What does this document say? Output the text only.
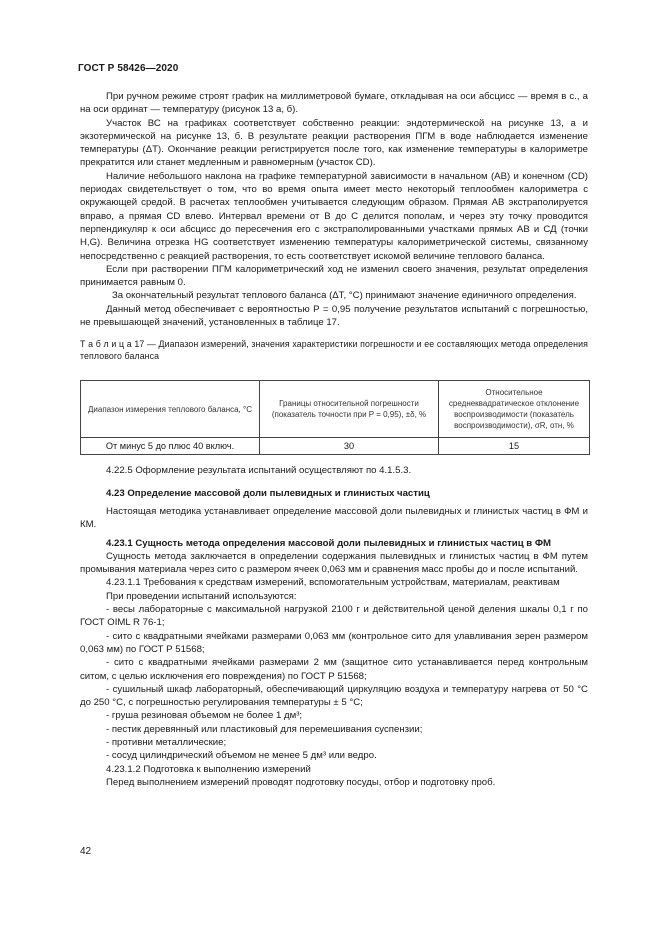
ГОСТ Р 58426—2020

При ручном режиме строят график на миллиметровой бумаге, откладывая на оси абсцисс — время в с., а на оси ординат — температуру (рисунок 13 а, б).

Участок ВС на графиках соответствует собственно реакции: эндотермической на рисунке 13, а и экзотермической на рисунке 13, б. В результате реакции растворения ПГМ в воде наблюдается изменение температуры (ΔT). Окончание реакции регистрируется после того, как изменение температуры в калориметре прекратится или станет медленным и равномерным (участок CD).

Наличие небольшого наклона на графике температурной зависимости в начальном (AB) и конечном (CD) периодах свидетельствует о том, что во время опыта имеет место некоторый теплообмен калориметра с окружающей средой. В расчетах теплообмен учитывается следующим образом. Прямая AB экстраполируется вправо, а прямая CD влево. Интервал времени от B до C делится пополам, и через эту точку проводится перпендикуляр к оси абсцисс до пересечения его с экстраполированными участками прямых АВ и СД (точки H,G). Величина отрезка HG соответствует изменению температуры калориметрической системы, связанному непосредственно с реакцией растворения, то есть соответствует искомой величине теплового баланса.

Если при растворении ПГМ калориметрический ход не изменил своего значения, результат определения принимается равным 0.

За окончательный результат теплового баланса (ΔT, °C) принимают значение единичного определения.

Данный метод обеспечивает с вероятностью P = 0,95 получение результатов испытаний с погрешностью, не превышающей значений, установленных в таблице 17.

Т а б л и ц а 17 — Диапазон измерений, значения характеристики погрешности и ее составляющих метода определения теплового баланса

Диапазон измерения теплового баланса, °C	Границы относительной погрешности (показатель точности при P = 0,95), ±δ, %	Относительное среднеквадратическое отклонение воспроизводимости (показатель воспроизводимости), σR, отн, %
От минус 5 до плюс 40 включ.	30	15

4.22.5 Оформление результата испытаний осуществляют по 4.1.5.3.

4.23 Определение массовой доли пылевидных и глинистых частиц

Настоящая методика устанавливает определение массовой доли пылевидных и глинистых частиц в ФМ и КМ.

4.23.1 Сущность метода определения массовой доли пылевидных и глинистых частиц в ФМ

Сущность метода заключается в определении содержания пылевидных и глинистых частиц в ФМ путем промывания материала через сито с размером ячеек 0,063 мм и сравнения масс пробы до и после испытаний.

4.23.1.1 Требования к средствам измерений, вспомогательным устройствам, материалам, реактивам

При проведении испытаний используются:

- весы лабораторные с максимальной нагрузкой 2100 г и действительной ценой деления шкалы 0,1 г по ГОСТ OIML R 76-1;

- сито с квадратными ячейками размерами 0,063 мм (контрольное сито для улавливания зерен размером 0,063 мм) по ГОСТ Р 51568;

- сито с квадратными ячейками размерами 2 мм (защитное сито устанавливается перед контрольным ситом, с целью исключения его повреждения) по ГОСТ Р 51568;

- сушильный шкаф лабораторный, обеспечивающий циркуляцию воздуха и температуру нагрева от 50 °C до 250 °C, с погрешностью регулирования температуры ± 5 °C;

- груша резиновая объемом не более 1 дм³;

- пестик деревянный или пластиковый для перемешивания суспензии;

- противни металлические;

- сосуд цилиндрический объемом не менее 5 дм³ или ведро.

4.23.1.2 Подготовка к выполнению измерений

Перед выполнением измерений проводят подготовку посуды, отбор и подготовку проб.

42
